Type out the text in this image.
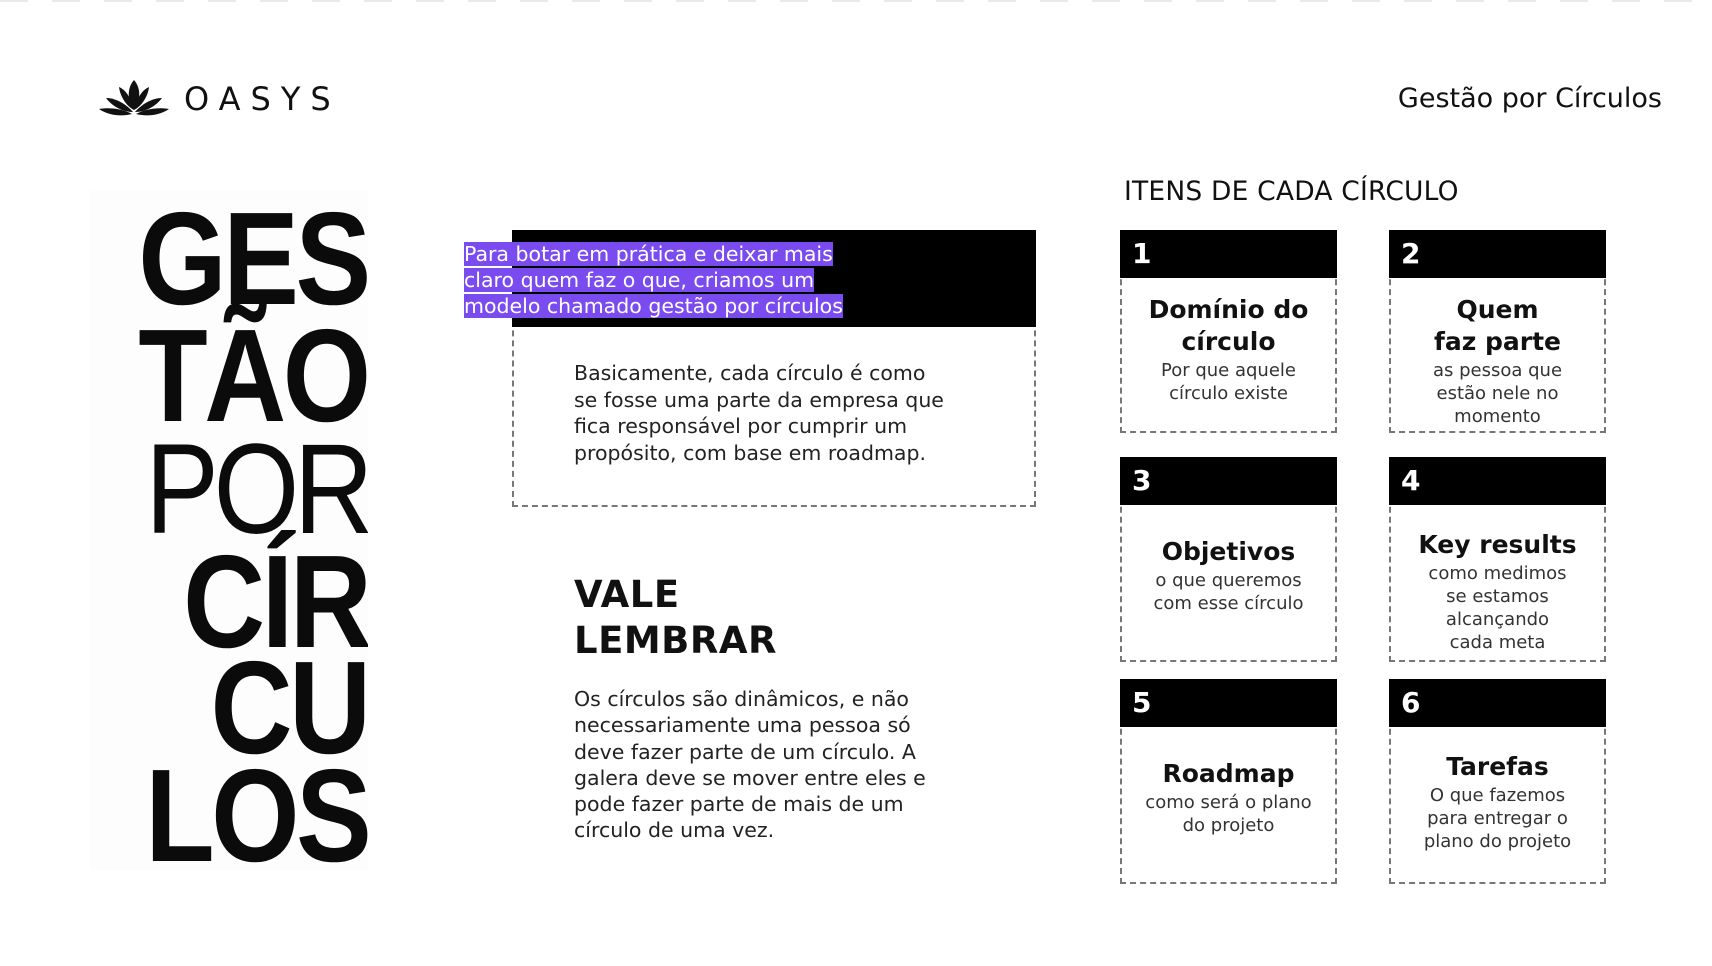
OASYS	Gestão por Círculos
GES
TÃO
POR
CÍR
CU
LOS
Para botar em prática e deixar mais claro quem faz o que, criamos um modelo chamado gestão por círculos
Basicamente, cada círculo é como se fosse uma parte da empresa que fica responsável por cumprir um propósito, com base em roadmap.
VALE
LEMBRAR
Os círculos são dinâmicos, e não necessariamente uma pessoa só deve fazer parte de um círculo. A galera deve se mover entre eles e pode fazer parte de mais de um círculo de uma vez.
ITENS DE CADA CÍRCULO
1
Domínio do círculo
Por que aquele círculo existe
2
Quem faz parte
as pessoa que estão nele no momento
3
Objetivos
o que queremos com esse círculo
4
Key results
como medimos se estamos alcançando cada meta
5
Roadmap
como será o plano do projeto
6
Tarefas
O que fazemos para entregar o plano do projeto
